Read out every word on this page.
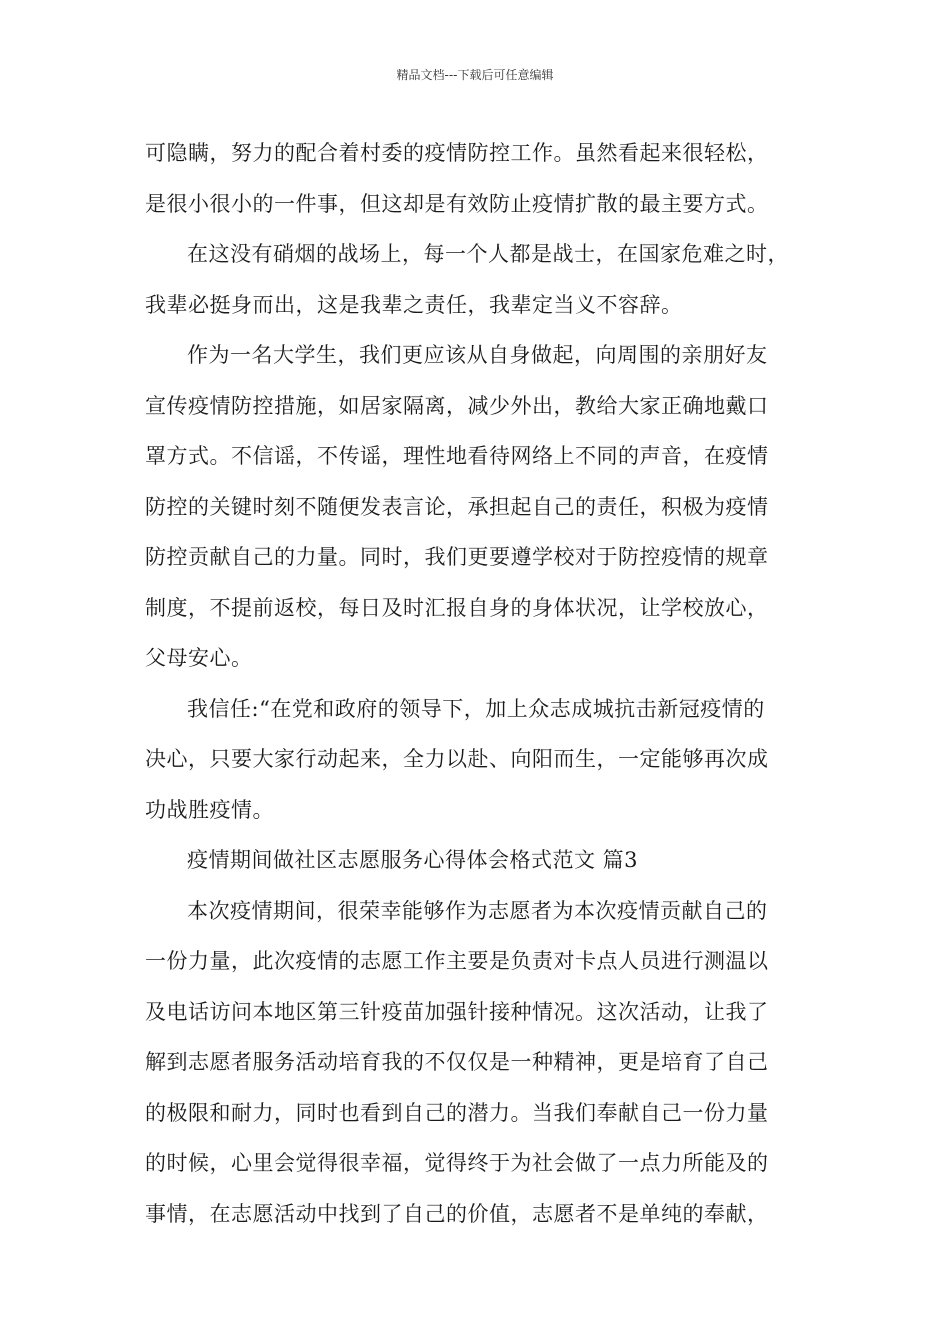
精品文档---下载后可任意编辑
可隐瞒，努力的配合着村委的疫情防控工作。虽然看起来很轻松，
是很小很小的一件事，但这却是有效防止疫情扩散的最主要方式。
在这没有硝烟的战场上，每一个人都是战士，在国家危难之时，
我辈必挺身而出，这是我辈之责任，我辈定当义不容辞。
作为一名大学生，我们更应该从自身做起，向周围的亲朋好友
宣传疫情防控措施，如居家隔离，减少外出，教给大家正确地戴口
罩方式。不信谣，不传谣，理性地看待网络上不同的声音，在疫情
防控的关键时刻不随便发表言论，承担起自己的责任，积极为疫情
防控贡献自己的力量。同时，我们更要遵学校对于防控疫情的规章
制度，不提前返校，每日及时汇报自身的身体状况，让学校放心，
父母安心。
我信任:“在党和政府的领导下，加上众志成城抗击新冠疫情的
决心，只要大家行动起来，全力以赴、向阳而生，一定能够再次成
功战胜疫情。
疫情期间做社区志愿服务心得体会格式范文 篇3
本次疫情期间，很荣幸能够作为志愿者为本次疫情贡献自己的
一份力量，此次疫情的志愿工作主要是负责对卡点人员进行测温以
及电话访问本地区第三针疫苗加强针接种情况。这次活动，让我了
解到志愿者服务活动培育我的不仅仅是一种精神，更是培育了自己
的极限和耐力，同时也看到自己的潜力。当我们奉献自己一份力量
的时候，心里会觉得很幸福，觉得终于为社会做了一点力所能及的
事情，在志愿活动中找到了自己的价值，志愿者不是单纯的奉献，
